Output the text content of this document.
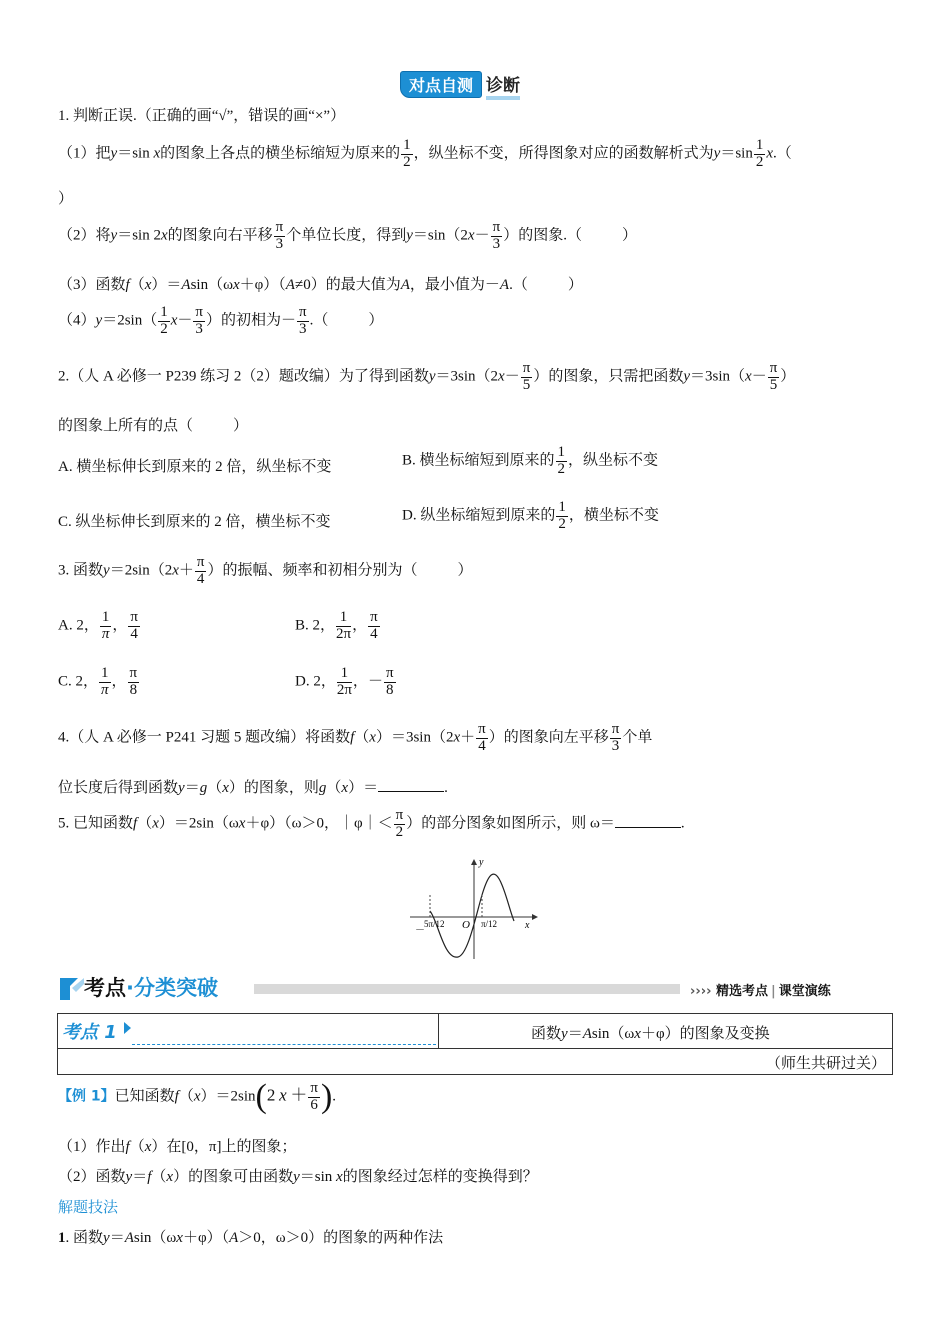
对点自测 诊断
1. 判断正误.（正确的画“√”，错误的画“×”）
（1）把y＝sin x的图象上各点的横坐标缩短为原来的 $\frac{1}{2}$ ，纵坐标不变，所得图象对应的函数解析式为$y=\sin \frac{1}{2} x$.（
）
（2）将y＝sin 2x的图象向右平移 $\frac{\pi}{3}$ 个单位长度，得到$y=\sin(2x- \frac{\pi}{3}$ ）的图象.（	）
（3）函数f（x）＝Asin（ωx＋φ）（A≠0）的最大值为A，最小值为－A.（	）
$(4)y=2\sin( \frac{1}{2} x- \frac{\pi}{3}$ ）的初相为－ $\frac{\pi}{3}$ .（	）
2.（人 A 必修一 P239 练习 2（2）题改编）为了得到函数$y=3\sin(2x- \frac{\pi}{5}$ ）的图象，只需把函数$y=3\sin(x- \frac{\pi}{5}$ ）
的图象上所有的点（	）
A. 横坐标伸长到原来的 2 倍，纵坐标不变	B. 横坐标缩短到原来的 $\frac{1}{2}$ ，纵坐标不变
C. 纵坐标伸长到原来的 2 倍，横坐标不变	D. 纵坐标缩短到原来的 $\frac{1}{2}$ ，横坐标不变
3. 函数$y=2\sin(2x+ \frac{\pi}{4}$ ）的振幅、频率和初相分别为（	）
A. 2， $\frac{1}{\pi}$ ， $\frac{\pi}{4}$	B. 2， $\frac{1}{2\pi}$ ， $\frac{\pi}{4}$
C. 2， $\frac{1}{\pi}$ ， $\frac{\pi}{8}$	D. 2， $\frac{1}{2\pi}$ ，－ $\frac{\pi}{8}$
4.（人 A 必修一 P241 习题 5 题改编）将函数$f(x)=3\sin(2x+ \frac{\pi}{4}$ ）的图象向左平移 $\frac{\pi}{3}$ 个单
位长度后得到函数y＝g（x）的图象，则g（x）＝	.
5. 已知函数f（x）＝2sin（ωx＋φ）（ω＞0，｜φ｜＜ $\frac{\pi}{2}$ ）的部分图象如图所示，则 ω＝	.
y
x
O
－
5π/12	π/12
考点·分类突破	›››› 精选考点 | 课堂演练
考点 1	函数y＝Asin（ωx＋φ）的图象及变换
（师生共研过关）
【例 1】已知函数f（x）＝2sin(2 $x + \frac{\pi}{6}$ ).
（1）作出f（x）在[0，π]上的图象；
（2）函数y＝f（x）的图象可由函数y＝sin x的图象经过怎样的变换得到？
解题技法
1. 函数y＝Asin（ωx＋φ）（A＞0，ω＞0）的图象的两种作法
